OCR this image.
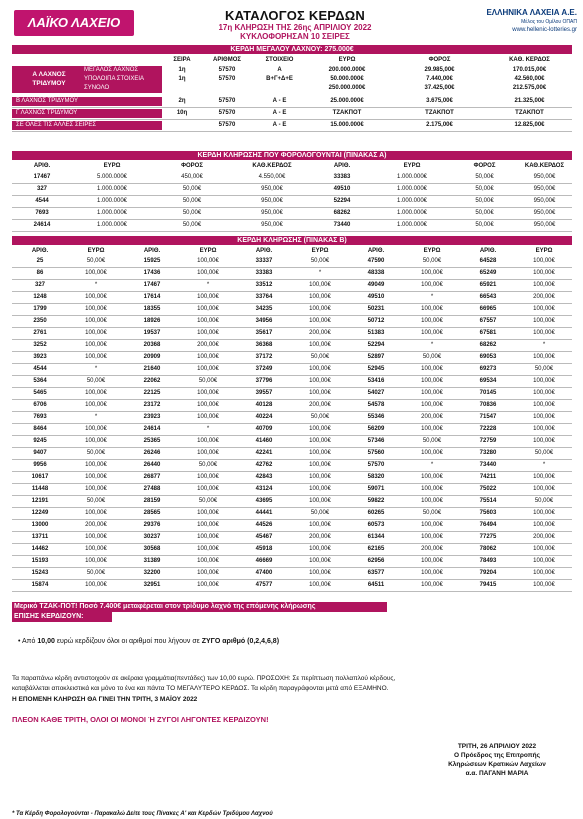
ΛΑΪΚΟ ΛΑΧΕΙΟ	ΚΑΤΑΛΟΓΟΣ ΚΕΡΔΩΝ
17η ΚΛΗΡΩΣΗ ΤΗΣ 26ης ΑΠΡΙΛΙΟΥ 2022
ΚΥΚΛΟΦΟΡΗΣΑΝ 10 ΣΕΙΡΕΣ
ΕΛΛΗΝΙΚΑ ΛΑΧΕΙΑ Α.Ε.
Μέλος του Ομίλου ΟΠΑΠ
www.hellenic-lotteries.gr
ΚΕΡΔΗ ΜΕΓΑΛΟΥ ΛΑΧΝΟΥ: 275.000€
ΣΕΙΡΑ	ΑΡΙΘΜΟΣ	ΣΤΟΙΧΕΙΟ	ΕΥΡΩ	ΦΟΡΟΣ	ΚΑΘ. ΚΕΡΔΟΣ
Α ΛΑΧΝΟΣ ΤΡΙΔΥΜΟΥ
ΜΕΓΑΛΟΣ ΛΑΧΝΟΣ	1η	57570	Α	200.000.000€	29.985,00€	170.015,00€
ΥΠΟΛΟΙΠΑ ΣΤΟΙΧΕΙΑ	1η	57570	Β+Γ+Δ+Ε	50.000.000€	7.440,00€	42.560,00€
ΣΥΝΟΛΟ	250.000.000€	37.425,00€	212.575,00€
Β ΛΑΧΝΟΣ ΤΡΙΔΥΜΟΥ	2η	57570	Α - Ε	25.000.000€	3.675,00€	21.325,00€
Γ ΛΑΧΝΟΣ ΤΡΙΔΥΜΟΥ	10η	57570	Α - Ε	ΤΖΑΚΠΟΤ	ΤΖΑΚΠΟΤ	ΤΖΑΚΠΟΤ
ΣΕ ΟΛΕΣ ΤΙΣ ΑΛΛΕΣ ΣΕΙΡΕΣ	57570	Α - Ε	15.000.000€	2.175,00€	12.825,00€
ΚΕΡΔΗ ΚΛΗΡΩΣΗΣ ΠΟΥ ΦΟΡΟΛΟΓΟΥΝΤΑΙ (ΠΙΝΑΚΑΣ Α)
ΑΡΙΘ.	ΕΥΡΩ	ΦΟΡΟΣ	ΚΑΘ.ΚΕΡΔΟΣ	ΑΡΙΘ.	ΕΥΡΩ	ΦΟΡΟΣ	ΚΑΘ.ΚΕΡΔΟΣ
17467	5.000.000€	450,00€	4.550,00€	33383	1.000.000€	50,00€	950,00€
327	1.000.000€	50,00€	950,00€	49510	1.000.000€	50,00€	950,00€
4544	1.000.000€	50,00€	950,00€	52294	1.000.000€	50,00€	950,00€
7693	1.000.000€	50,00€	950,00€	68262	1.000.000€	50,00€	950,00€
24614	1.000.000€	50,00€	950,00€	73440	1.000.000€	50,00€	950,00€
ΚΕΡΔΗ ΚΛΗΡΩΣΗΣ (ΠΙΝΑΚΑΣ Β)
ΑΡΙΘ.	ΕΥΡΩ	ΑΡΙΘ.	ΕΥΡΩ	ΑΡΙΘ.	ΕΥΡΩ	ΑΡΙΘ.	ΕΥΡΩ	ΑΡΙΘ.	ΕΥΡΩ
25	50,00€	15925	100,00€	33337	50,00€	47590	50,00€	64528	100,00€
86	100,00€	17436	100,00€	33383	*	48338	100,00€	65249	100,00€
327	*	17467	*	33512	100,00€	49049	100,00€	65921	100,00€
1248	100,00€	17614	100,00€	33764	100,00€	49510	*	66543	200,00€
1799	100,00€	18355	100,00€	34235	100,00€	50231	100,00€	66965	100,00€
2350	100,00€	18926	100,00€	34956	100,00€	50712	100,00€	67557	100,00€
2761	100,00€	19537	100,00€	35617	200,00€	51383	100,00€	67581	100,00€
3252	100,00€	20368	200,00€	36368	100,00€	52294	*	68262	*
3923	100,00€	20909	100,00€	37172	50,00€	52897	50,00€	69053	100,00€
4544	*	21640	100,00€	37249	100,00€	52945	100,00€	69273	50,00€
5364	50,00€	22062	50,00€	37796	100,00€	53416	100,00€	69534	100,00€
5465	100,00€	22125	100,00€	39557	100,00€	54027	100,00€	70145	100,00€
6706	100,00€	23172	100,00€	40128	200,00€	54578	100,00€	70836	100,00€
7693	*	23923	100,00€	40224	50,00€	55346	200,00€	71547	100,00€
8464	100,00€	24614	*	40709	100,00€	56209	100,00€	72228	100,00€
9245	100,00€	25365	100,00€	41460	100,00€	57346	50,00€	72759	100,00€
9407	50,00€	26246	100,00€	42241	100,00€	57560	100,00€	73280	50,00€
9956	100,00€	26440	50,00€	42762	100,00€	57570	*	73440	*
10617	100,00€	26877	100,00€	42843	100,00€	58320	100,00€	74211	100,00€
11448	100,00€	27488	100,00€	43124	100,00€	59071	100,00€	75022	100,00€
12191	50,00€	28159	50,00€	43695	100,00€	59822	100,00€	75514	50,00€
12249	100,00€	28565	100,00€	44441	50,00€	60265	50,00€	75603	100,00€
13000	200,00€	29376	100,00€	44526	100,00€	60573	100,00€	76494	100,00€
13711	100,00€	30237	100,00€	45467	200,00€	61344	100,00€	77275	200,00€
14462	100,00€	30568	100,00€	45918	100,00€	62165	200,00€	78062	100,00€
15193	100,00€	31389	100,00€	46669	100,00€	62956	100,00€	78493	100,00€
15243	50,00€	32200	100,00€	47400	100,00€	63577	100,00€	79204	100,00€
15874	100,00€	32951	100,00€	47577	100,00€	64511	100,00€	79415	100,00€
Μερικό ΤΖΑΚ-ΠΟΤ! Ποσό 7.400€ μεταφέρεται στον τρίδυμο λαχνό της επόμενης κλήρωσης
ΕΠΙΣΗΣ ΚΕΡΔΙΖΟΥΝ:
• Από 10,00 ευρώ κερδίζουν όλοι οι αριθμοί που λήγουν σε ΖΥΓΟ αριθμό (0,2,4,6,8)
Τα παραπάνω κέρδη αντιστοιχούν σε ακέραια γραμμάτια(πεντάδες) των 10,00 ευρώ. ΠΡΟΣΟΧΗ: Σε περίπτωση πολλαπλού κέρδους,
καταβάλλεται αποκλειστικά και μόνο το ένα και πάντα ΤΟ ΜΕΓΑΛΥΤΕΡΟ ΚΕΡΔΟΣ. Τα κέρδη παραγράφονται μετά από ΕΞΑΜΗΝΟ.
Η ΕΠΟΜΕΝΗ ΚΛΗΡΩΣΗ ΘΑ ΓΙΝΕΙ ΤΗΝ ΤΡΙΤΗ, 3 ΜΑΪΟΥ 2022
ΠΛΕΟΝ ΚΑΘΕ ΤΡΙΤΗ, ΟΛΟΙ ΟΙ ΜΟΝΟΙ Ή ΖΥΓΟΙ ΛΗΓΟΝΤΕΣ ΚΕΡΔΙΖΟΥΝ!
ΤΡΙΤΗ, 26 ΑΠΡΙΛΙΟΥ 2022
Ο Πρόεδρος της Επιτροπής
Κληρώσεων Κρατικών Λαχείων
α.α. ΠΑΓΑΝΗ ΜΑΡΙΑ
* Τα Κέρδη Φορολογούνται - Παρακαλώ Δείτε τους Πίνακες Α' και Κερδών Τριδύμου Λαχνού
